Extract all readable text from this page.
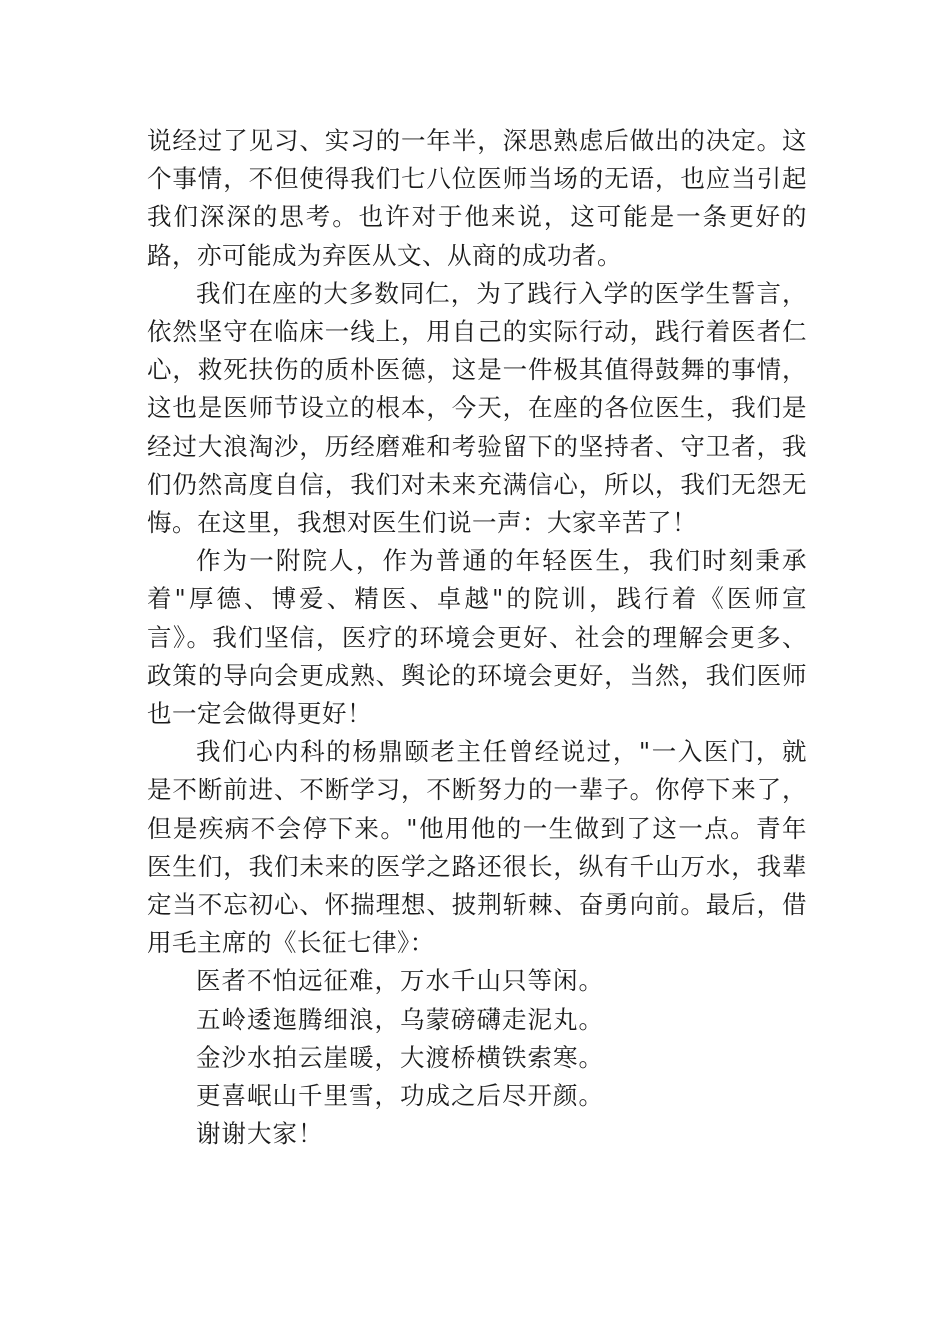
说经过了见习、实习的一年半，深思熟虑后做出的决定。这个事情，不但使得我们七八位医师当场的无语，也应当引起我们深深的思考。也许对于他来说，这可能是一条更好的路，亦可能成为弃医从文、从商的成功者。

我们在座的大多数同仁，为了践行入学的医学生誓言，依然坚守在临床一线上，用自己的实际行动，践行着医者仁心，救死扶伤的质朴医德，这是一件极其值得鼓舞的事情，这也是医师节设立的根本，今天，在座的各位医生，我们是经过大浪淘沙，历经磨难和考验留下的坚持者、守卫者，我们仍然高度自信，我们对未来充满信心，所以，我们无怨无悔。在这里，我想对医生们说一声：大家辛苦了！

作为一附院人，作为普通的年轻医生，我们时刻秉承着"厚德、博爱、精医、卓越"的院训，践行着《医师宣言》。我们坚信，医疗的环境会更好、社会的理解会更多、政策的导向会更成熟、舆论的环境会更好，当然，我们医师也一定会做得更好！

我们心内科的杨鼎颐老主任曾经说过，"一入医门，就是不断前进、不断学习，不断努力的一辈子。你停下来了，但是疾病不会停下来。"他用他的一生做到了这一点。青年医生们，我们未来的医学之路还很长，纵有千山万水，我辈定当不忘初心、怀揣理想、披荆斩棘、奋勇向前。最后，借用毛主席的《长征七律》：

医者不怕远征难，万水千山只等闲。

五岭逶迤腾细浪，乌蒙磅礴走泥丸。

金沙水拍云崖暖，大渡桥横铁索寒。

更喜岷山千里雪，功成之后尽开颜。

谢谢大家！
